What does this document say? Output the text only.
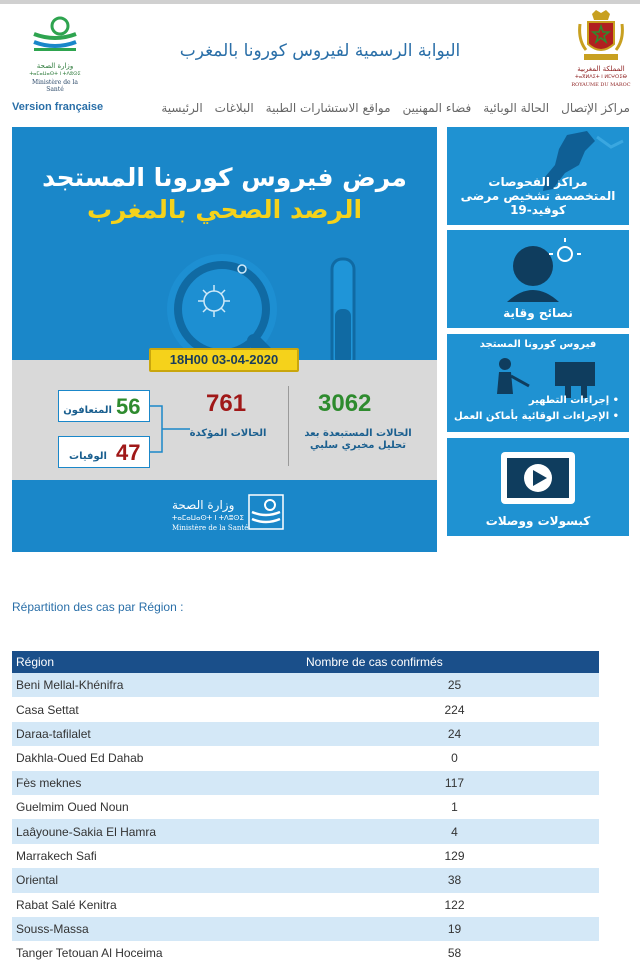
وزارة الصحة
ⵜⴰⵎⴰⵡⴰⵙⵜ ⵏ ⵜⴷⵓⵙⵉ
Ministère de la Santé
البوابة الرسمية لفيروس كورونا بالمغرب
المملكة المغربية
ⵜⴰⴳⵍⴷⵉⵜ ⵏ ⵍⵎⵖⵔⵉⴱ
ROYAUME DU MAROC
Version française	الرئيسية البلاغات مواقع الاستشارات الطبية فضاء المهنيين الحالة الوبائية مراكز الإتصال
مرض فيروس كورونا المستجد
الرصد الصحي بالمغرب
3062
الحالات المستبعدة بعد تحليل مخبري سلبي
761
الحالات المؤكدة
56
المتعافون
47
الوفيات
18H00 03-04-2020
وزارة الصحة
ⵜⴰⵎⴰⵡⴰⵙⵜ ⵏ ⵜⴷⵓⵙⵉ
Ministère de la Santé
مراكز الفحوصات المتخصصة تشخيص مرضى كوفيد-19
نصائح وقاية
فيروس كورونا المستجد
• إجراءات التطهير
• الإجراءات الوقائية بأماكن العمل
كبسولات ووصلات
Répartition des cas par Région :
Région	Nombre de cas confirmés
Beni Mellal-Khénifra	25
Casa Settat	224
Daraa-tafilalet	24
Dakhla-Oued Ed Dahab	0
Fès meknes	117
Guelmim Oued Noun	1
Laâyoune-Sakia El Hamra	4
Marrakech Safi	129
Oriental	38
Rabat Salé Kenitra	122
Souss-Massa	19
Tanger Tetouan Al Hoceima	58
